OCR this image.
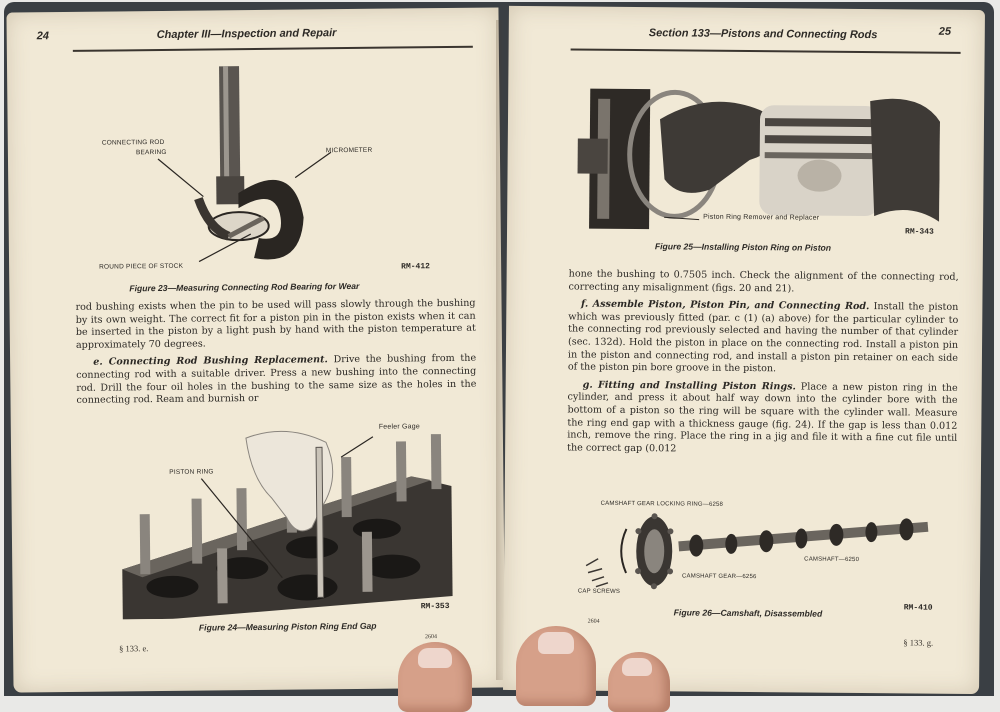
24	Chapter III—Inspection and Repair
CONNECTING ROD
BEARING	MICROMETER
ROUND PIECE OF STOCK	RM-412
Figure 23—Measuring Connecting Rod Bearing for Wear

rod bushing exists when the pin to be used will pass slowly through the bushing by its own weight. The correct fit for a piston pin in the piston exists when it can be inserted in the piston by a light push by hand with the piston temperature at approximately 70 degrees.

e. Connecting Rod Bushing Replacement. Drive the bushing from the connecting rod with a suitable driver. Press a new bushing into the connecting rod. Drill the four oil holes in the bushing to the same size as the holes in the connecting rod. Ream and burnish or

Feeler Gage
PISTON RING
RM-353
Figure 24—Measuring Piston Ring End Gap
§ 133. e.
2604
Section 133—Pistons and Connecting Rods	25
Piston Ring Remover and Replacer
RM-343
Figure 25—Installing Piston Ring on Piston

hone the bushing to 0.7505 inch. Check the alignment of the connecting rod, correcting any misalignment (figs. 20 and 21).

f. Assemble Piston, Piston Pin, and Connecting Rod. Install the piston which was previously fitted (par. c (1) (a) above) for the particular cylinder to the connecting rod previously selected and having the number of that cylinder (sec. 132d). Hold the piston in place on the connecting rod. Install a piston pin in the piston and connecting rod, and install a piston pin retainer on each side of the piston pin bore groove in the piston.

g. Fitting and Installing Piston Rings. Place a new piston ring in the cylinder, and press it about half way down into the cylinder bore with the bottom of a piston so the ring will be square with the cylinder wall. Measure the ring end gap with a thickness gauge (fig. 24). If the gap is less than 0.012 inch, remove the ring. Place the ring in a jig and file it with a fine cut file until the correct gap (0.012

CAMSHAFT GEAR LOCKING RING—6258
CAMSHAFT—6250
CAMSHAFT GEAR—6256
CAP SCREWS
RM-410
Figure 26—Camshaft, Disassembled
2604
§ 133. g.
